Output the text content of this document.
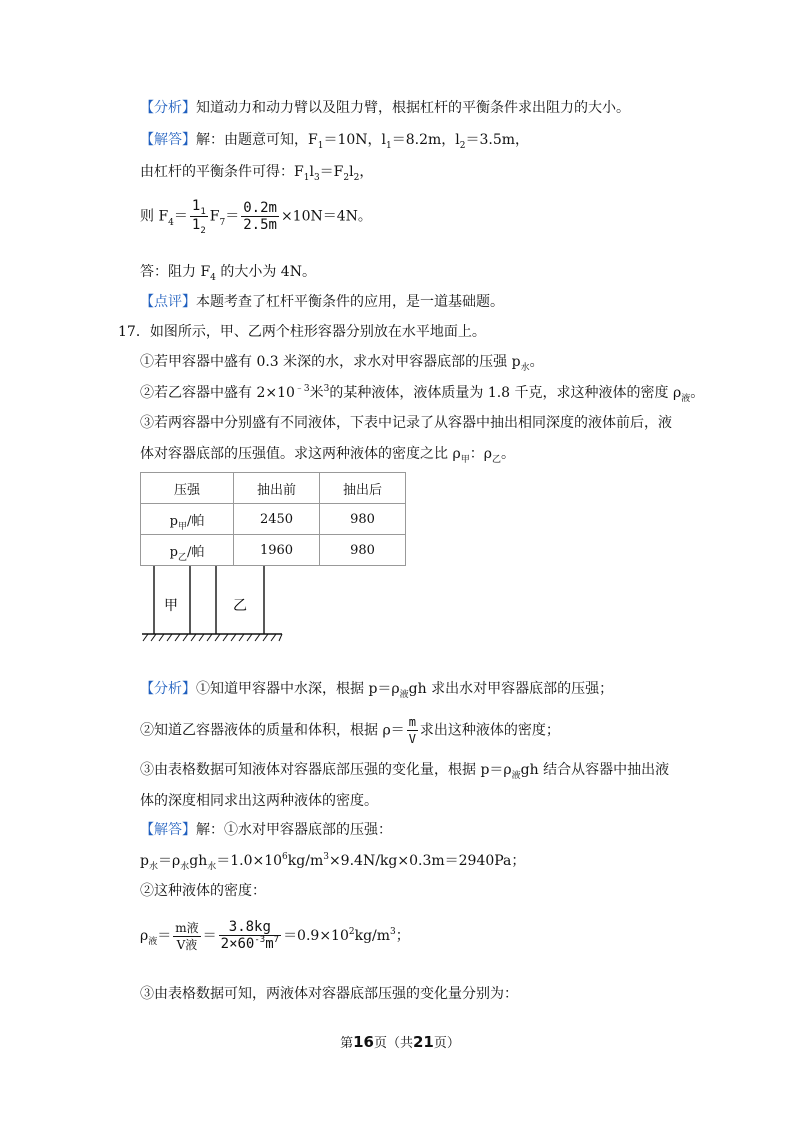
【分析】知道动力和动力臂以及阻力臂，根据杠杆的平衡条件求出阻力的大小。
【解答】解：由题意可知，$F_1=10N$，$l_1=8.2m$，$l_2=3.5m$，
由杠杆的平衡条件可得：$F_1l_3=F_2l_2$，
则 $F_4= \frac{1_1}{1_2} F_7= \frac{0.2m}{2.5m} \times 10N=4N$。
答：阻力 $F_4$ 的大小为 4N。
【点评】本题考查了杠杆平衡条件的应用，是一道基础题。
17．如图所示，甲、乙两个柱形容器分别放在水平地面上。
①若甲容器中盛有 0.3 米深的水，求水对甲容器底部的压强 $p_水$。
②若乙容器中盛有 $2\times 10^{﹣3}$米$^3$的某种液体，液体质量为 1.8 千克，求这种液体的密度 $\rho_液$。
③若两容器中分别盛有不同液体，下表中记录了从容器中抽出相同深度的液体前后，液
体对容器底部的压强值。求这两种液体的密度之比 $\rho_甲$：$\rho_乙$。
压强	抽出前	抽出后
$p_甲/$帕	2450	980
$p_乙/$帕	1960	980
甲	乙
【分析】①知道甲容器中水深，根据 $p=\rho_液gh$ 求出水对甲容器底部的压强；
②知道乙容器液体的质量和体积，根据 $\rho= \frac{m}{V}$ 求出这种液体的密度；
③由表格数据可知液体对容器底部压强的变化量，根据 $p=\rho_液gh$ 结合从容器中抽出液
体的深度相同求出这两种液体的密度。
【解答】解：①水对甲容器底部的压强：
$p_水=\rho_水gh_水=1.0\times 10^6kg/m^3\times 9.4N/kg\times 0.3m=2940Pa$；
②这种液体的密度：
$\rho_液= \frac{\text{m液}}{\text{V液}} = \frac{3.8kg}{2\times 60^{-3}m^7} =0.9\times 10^2kg/m^3$；
③由表格数据可知，两液体对容器底部压强的变化量分别为：
第16页（共21页）
